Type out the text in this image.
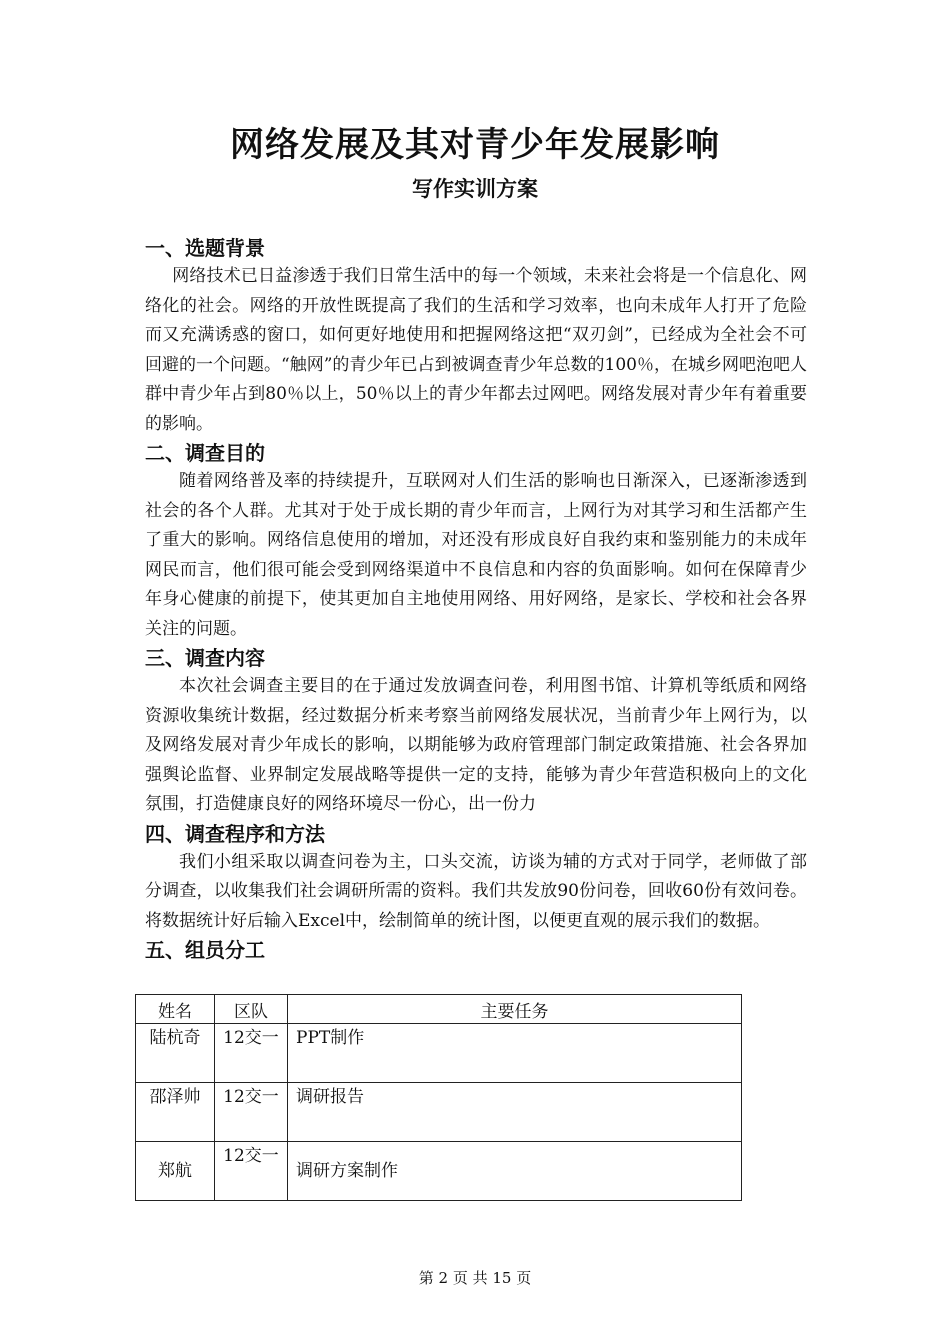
网络发展及其对青少年发展影响
写作实训方案
一、选题背景

网络技术已日益渗透于我们日常生活中的每一个领域，未来社会将是一个信息化、网络化的社会。网络的开放性既提高了我们的生活和学习效率，也向未成年人打开了危险而又充满诱惑的窗口，如何更好地使用和把握网络这把“双刃剑”，已经成为全社会不可回避的一个问题。“触网”的青少年已占到被调查青少年总数的100％，在城乡网吧泡吧人群中青少年占到80％以上，50％以上的青少年都去过网吧。网络发展对青少年有着重要的影响。

二、调查目的

随着网络普及率的持续提升，互联网对人们生活的影响也日渐深入，已逐渐渗透到社会的各个人群。尤其对于处于成长期的青少年而言，上网行为对其学习和生活都产生了重大的影响。网络信息使用的增加，对还没有形成良好自我约束和鉴别能力的未成年网民而言，他们很可能会受到网络渠道中不良信息和内容的负面影响。如何在保障青少年身心健康的前提下，使其更加自主地使用网络、用好网络，是家长、学校和社会各界关注的问题。

三、调查内容

本次社会调查主要目的在于通过发放调查问卷，利用图书馆、计算机等纸质和网络资源收集统计数据，经过数据分析来考察当前网络发展状况，当前青少年上网行为，以及网络发展对青少年成长的影响，以期能够为政府管理部门制定政策措施、社会各界加强舆论监督、业界制定发展战略等提供一定的支持，能够为青少年营造积极向上的文化氛围，打造健康良好的网络环境尽一份心，出一份力

四、调查程序和方法

我们小组采取以调查问卷为主，口头交流，访谈为辅的方式对于同学，老师做了部分调查，以收集我们社会调研所需的资料。我们共发放90份问卷，回收60份有效问卷。将数据统计好后输入Excel中，绘制简单的统计图，以便更直观的展示我们的数据。

五、组员分工
姓名	区队	主要任务
陆杭奇	12交一	PPT制作
邵泽帅	12交一	调研报告
郑航	12交一	调研方案制作
第 2 页 共 15 页
